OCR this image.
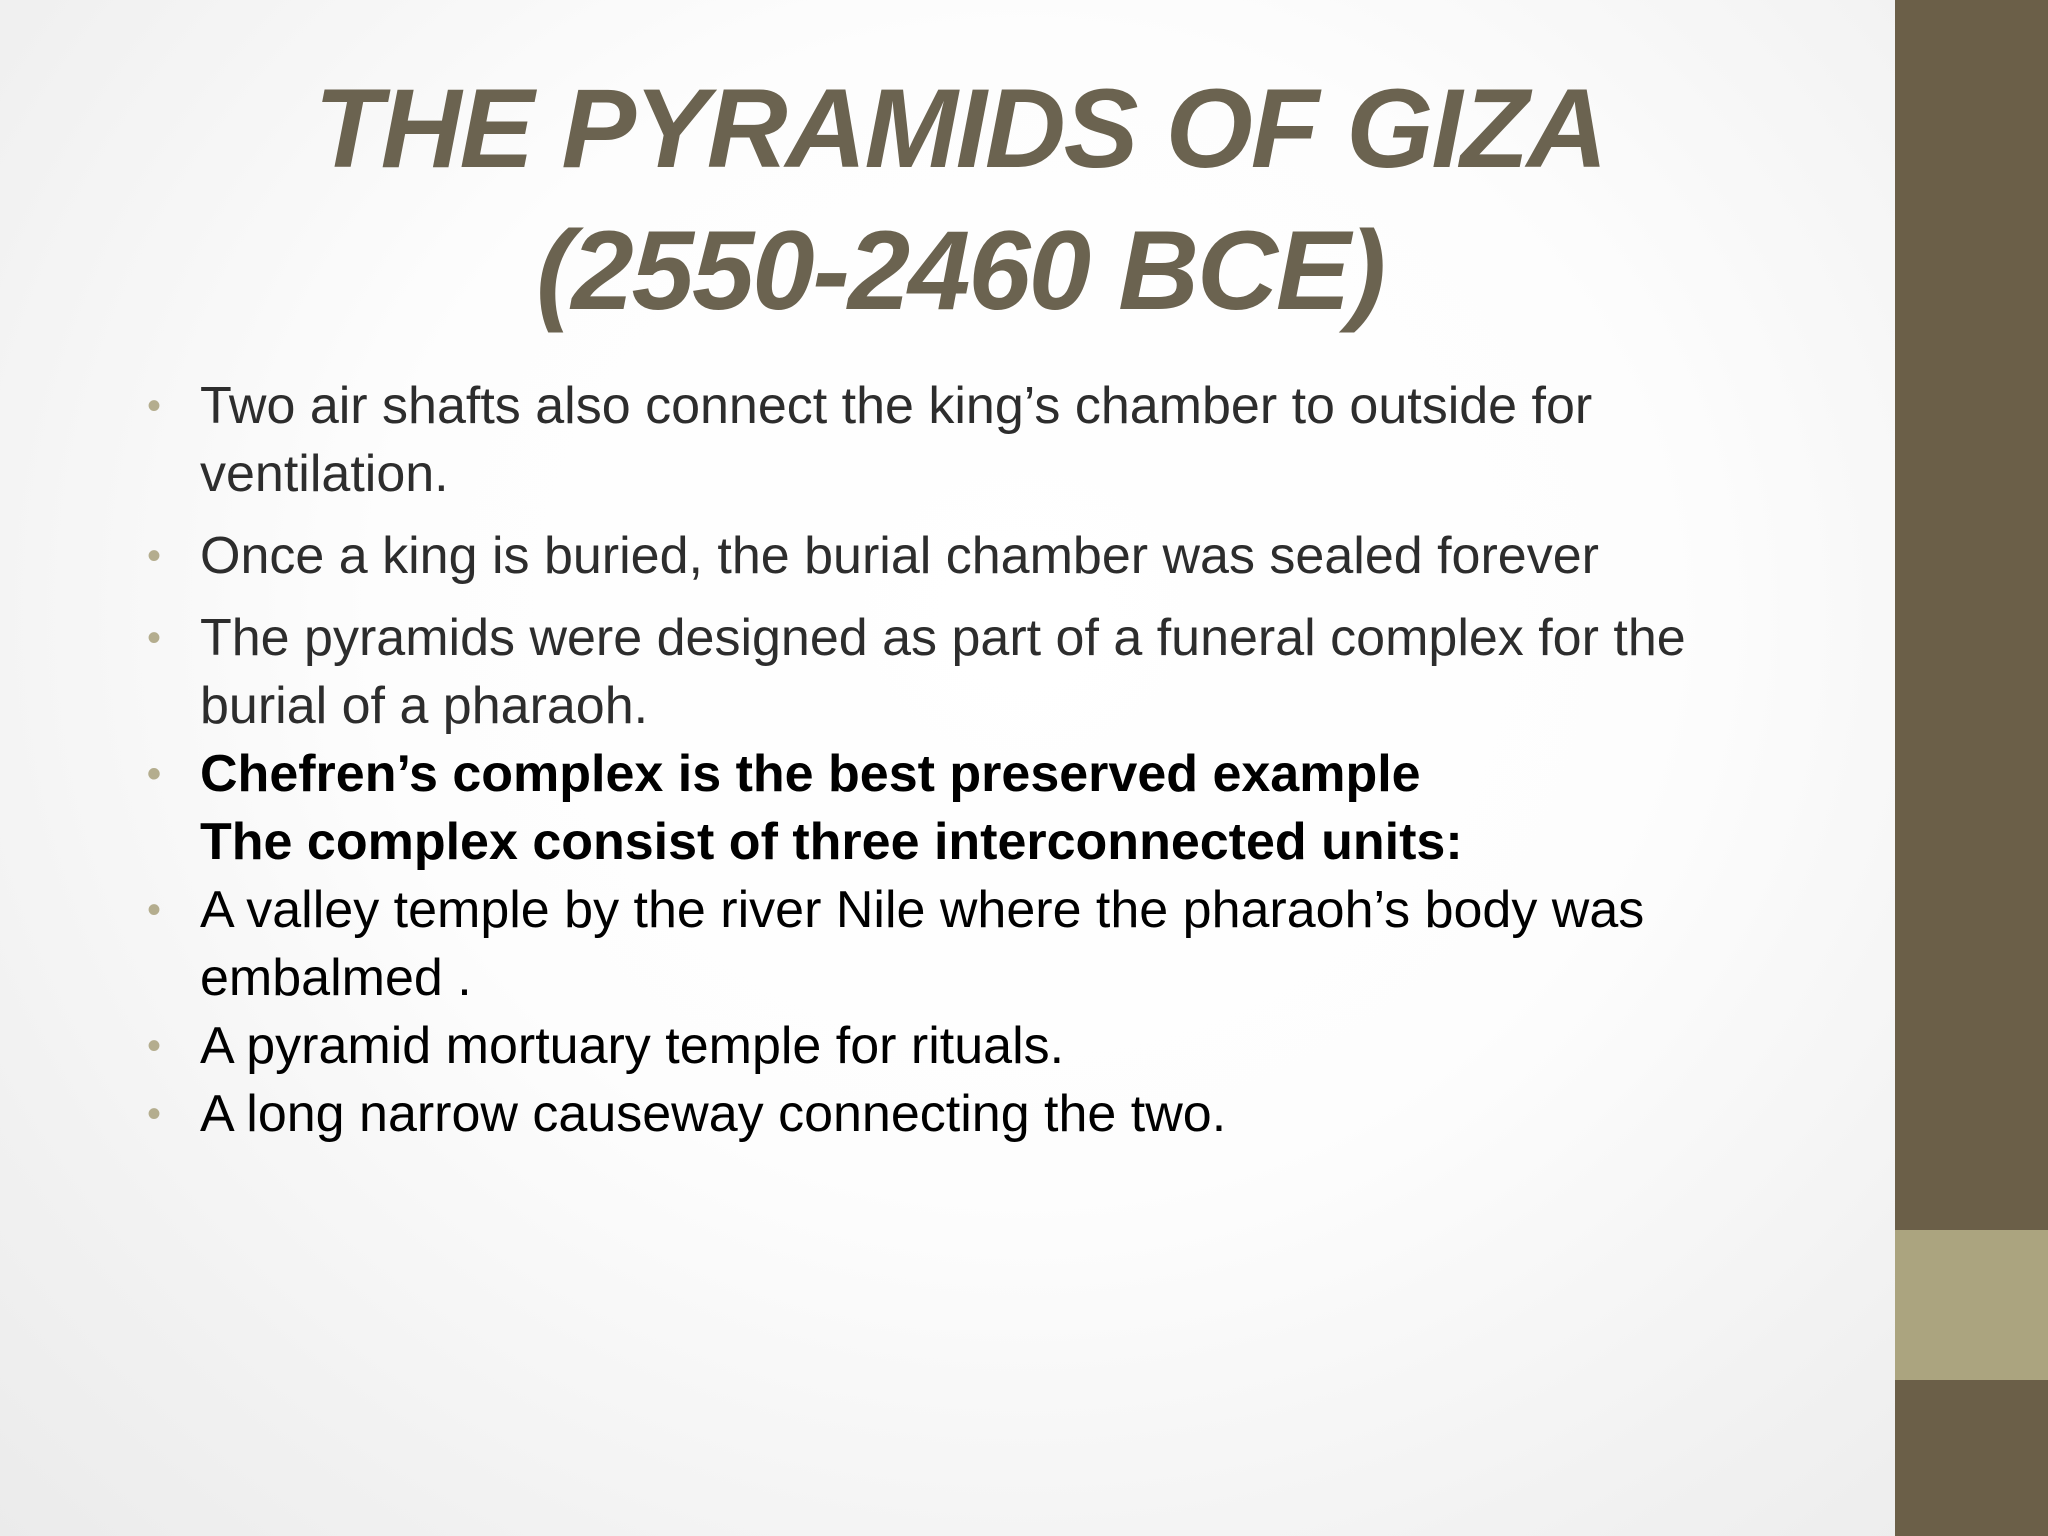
THE PYRAMIDS OF GIZA
(2550-2460 BCE)
• Two air shafts also connect the king’s chamber to outside for ventilation.
• Once a king is buried, the burial chamber was sealed forever
• The pyramids were designed as part of a funeral complex for the burial of a pharaoh.
• Chefren’s complex is the best preserved example
The complex consist of three interconnected units:
• A valley temple by the river Nile where the pharaoh’s body was embalmed .
• A pyramid mortuary temple for rituals.
• A long narrow causeway connecting the two.
